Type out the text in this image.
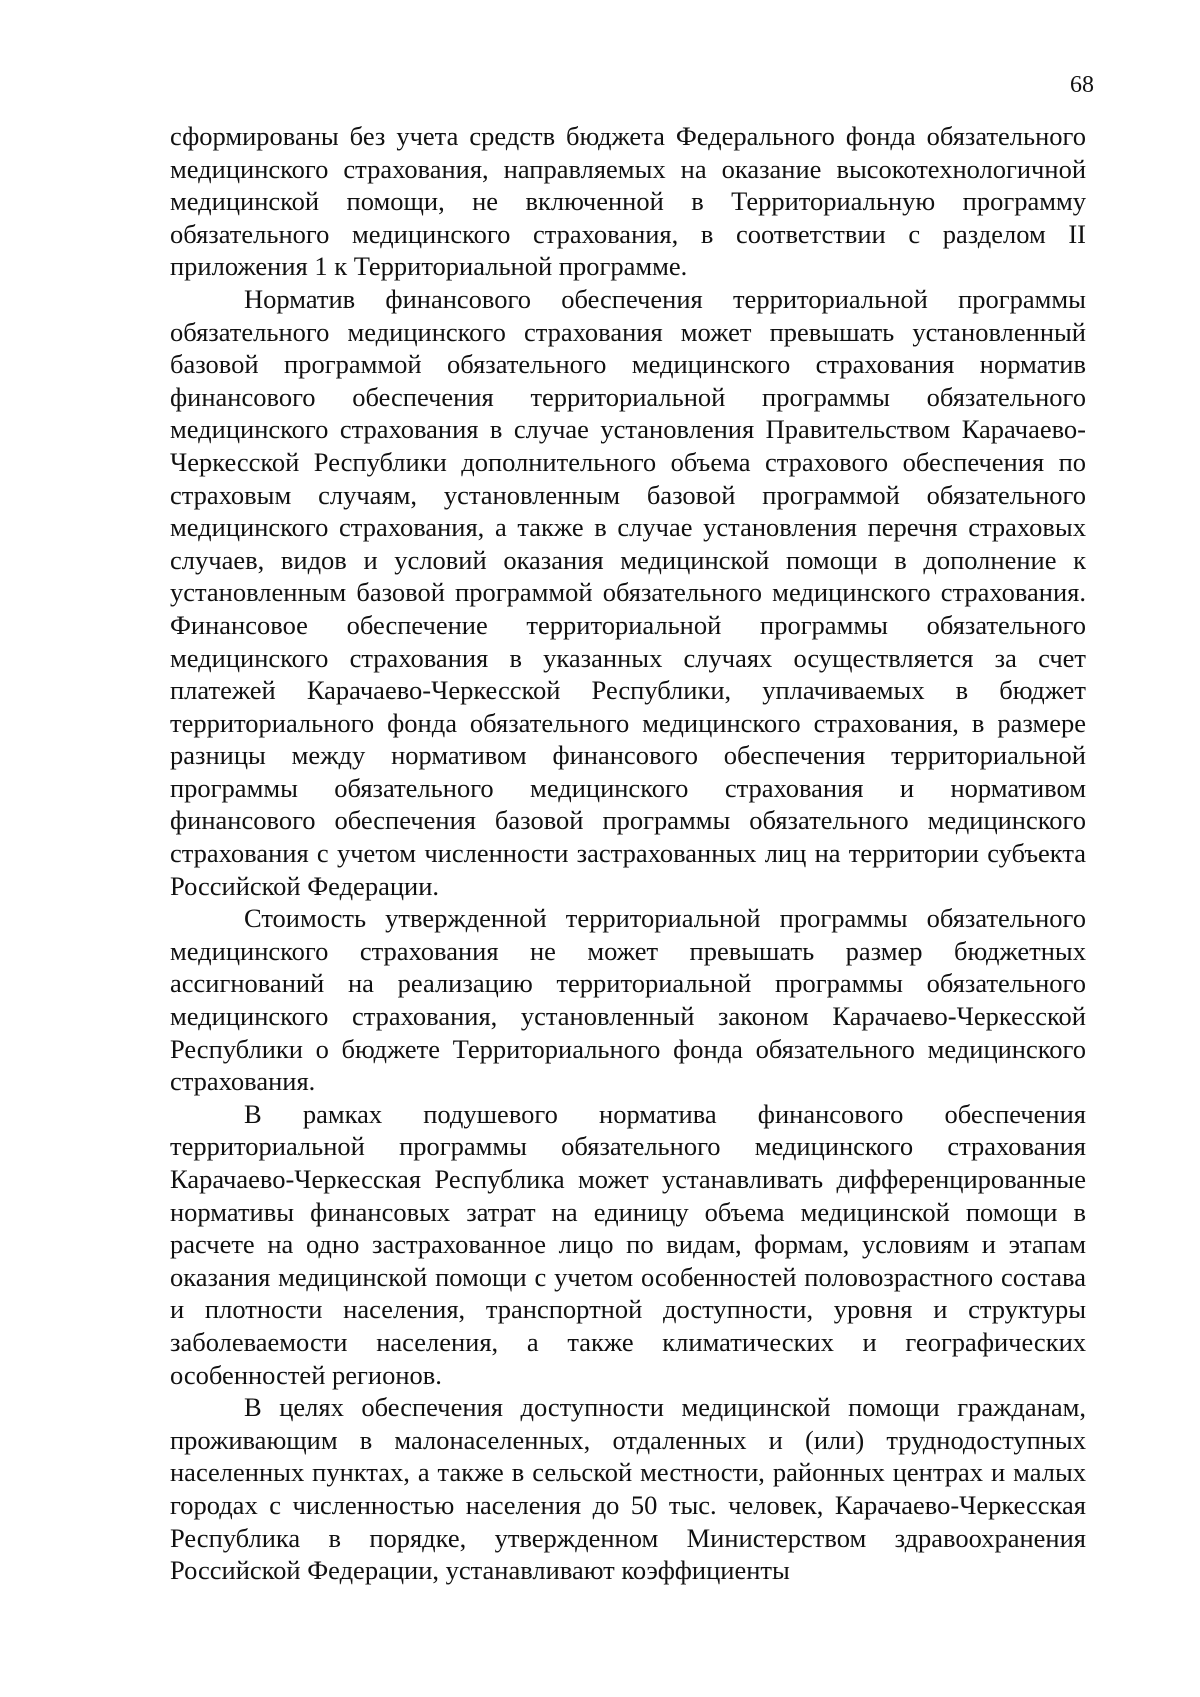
68

сформированы без учета средств бюджета Федерального фонда обязательного медицинского страхования, направляемых на оказание высокотехнологичной медицинской помощи, не включенной в Территориальную программу обязательного медицинского страхования, в соответствии с разделом II приложения 1 к Территориальной программе.

Норматив финансового обеспечения территориальной программы обязательного медицинского страхования может превышать установленный базовой программой обязательного медицинского страхования норматив финансового обеспечения территориальной программы обязательного медицинского страхования в случае установления Правительством Карачаево-Черкесской Республики дополнительного объема страхового обеспечения по страховым случаям, установленным базовой программой обязательного медицинского страхования, а также в случае установления перечня страховых случаев, видов и условий оказания медицинской помощи в дополнение к установленным базовой программой обязательного медицинского страхования. Финансовое обеспечение территориальной программы обязательного медицинского страхования в указанных случаях осуществляется за счет платежей Карачаево-Черкесской Республики, уплачиваемых в бюджет территориального фонда обязательного медицинского страхования, в размере разницы между нормативом финансового обеспечения территориальной программы обязательного медицинского страхования и нормативом финансового обеспечения базовой программы обязательного медицинского страхования с учетом численности застрахованных лиц на территории субъекта Российской Федерации.

Стоимость утвержденной территориальной программы обязательного медицинского страхования не может превышать размер бюджетных ассигнований на реализацию территориальной программы обязательного медицинского страхования, установленный законом Карачаево-Черкесской Республики о бюджете Территориального фонда обязательного медицинского страхования.

В рамках подушевого норматива финансового обеспечения территориальной программы обязательного медицинского страхования Карачаево-Черкесская Республика может устанавливать дифференцированные нормативы финансовых затрат на единицу объема медицинской помощи в расчете на одно застрахованное лицо по видам, формам, условиям и этапам оказания медицинской помощи с учетом особенностей половозрастного состава и плотности населения, транспортной доступности, уровня и структуры заболеваемости населения, а также климатических и географических особенностей регионов.

В целях обеспечения доступности медицинской помощи гражданам, проживающим в малонаселенных, отдаленных и (или) труднодоступных населенных пунктах, а также в сельской местности, районных центрах и малых городах с численностью населения до 50 тыс. человек, Карачаево-Черкесская Республика в порядке, утвержденном Министерством здравоохранения Российской Федерации, устанавливают коэффициенты
